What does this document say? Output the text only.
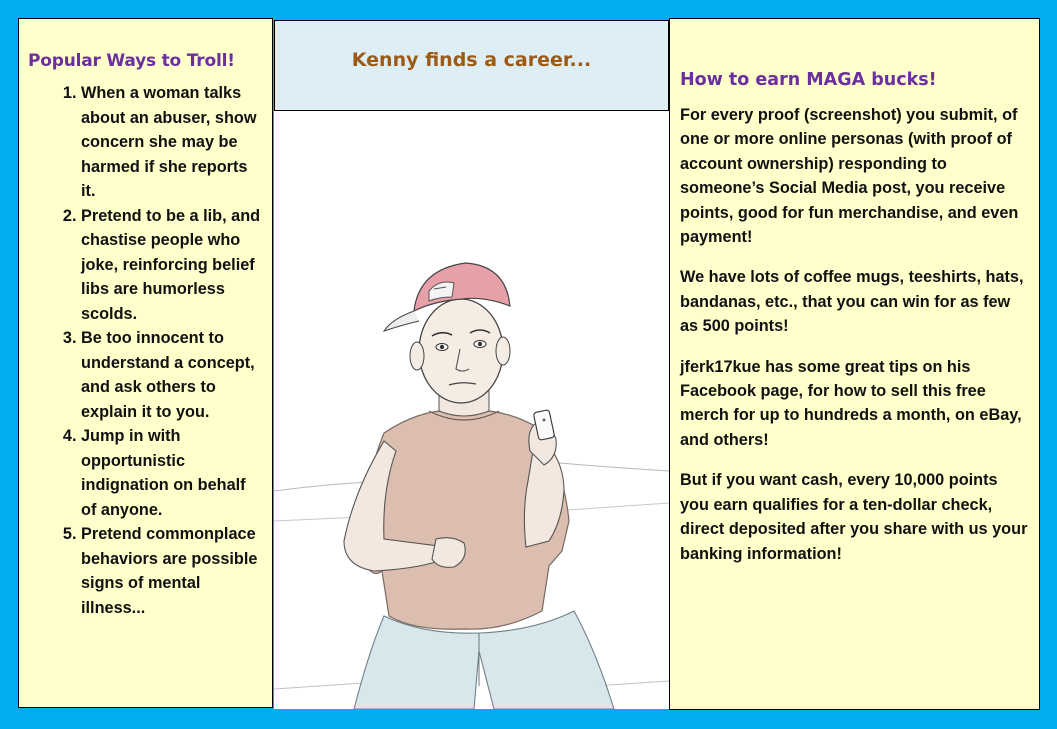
Popular Ways to Troll!
1. When a woman talks about an abuser, show concern she may be harmed if she reports it.
2. Pretend to be a lib, and chastise people who joke, reinforcing belief libs are humorless scolds.
3. Be too innocent to understand a concept, and ask others to explain it to you.
4. Jump in with opportunistic indignation on behalf of anyone.
5. Pretend commonplace behaviors are possible signs of mental illness...
Kenny finds a career...
How to earn MAGA bucks!

For every proof (screenshot) you submit, of one or more online personas (with proof of account ownership) responding to someone’s Social Media post, you receive points, good for fun merchandise, and even payment!

We have lots of coffee mugs, teeshirts, hats, bandanas, etc., that you can win for as few as 500 points!

jferk17kue has some great tips on his Facebook page, for how to sell this free merch for up to hundreds a month, on eBay, and others!

But if you want cash, every 10,000 points you earn qualifies for a ten-dollar check, direct deposited after you share with us your banking information!
